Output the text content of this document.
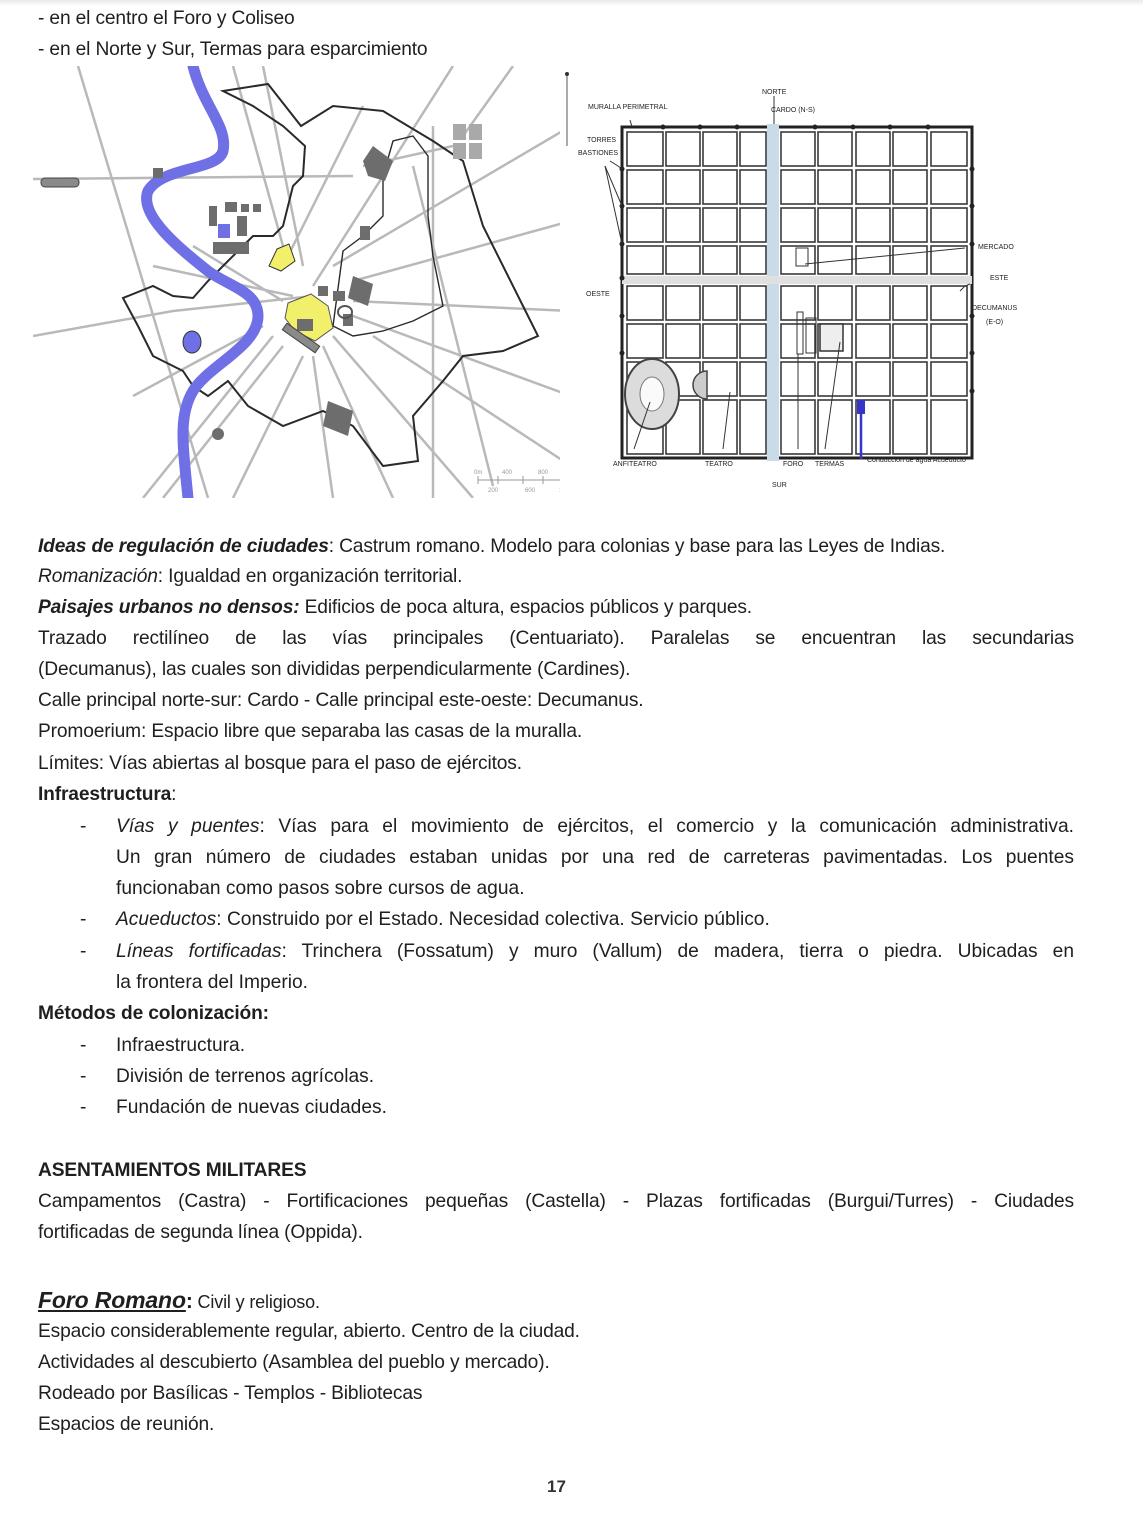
- en el centro el Foro y Coliseo
- en el Norte y Sur, Termas para esparcimiento
0m	400	800
200	600
MURALLA PERIMETRAL
NORTE
CARDO (N-S)
TORRES
BASTIONES
MERCADO
ESTE
DECUMANUS
(E-O)
OESTE
ANFITEATRO	TEATRO	FORO TERMAS
Conducción de agua Acueducto
SUR
Ideas de regulación de ciudades: Castrum romano. Modelo para colonias y base para las Leyes de Indias.
Romanización: Igualdad en organización territorial.
Paisajes urbanos no densos: Edificios de poca altura, espacios públicos y parques.
Trazado rectilíneo de las vías principales (Centuariato). Paralelas se encuentran las secundarias
(Decumanus), las cuales son divididas perpendicularmente (Cardines).
Calle principal norte-sur: Cardo - Calle principal este-oeste: Decumanus.
Promoerium: Espacio libre que separaba las casas de la muralla.
Límites: Vías abiertas al bosque para el paso de ejércitos.
Infraestructura:
- Vías y puentes: Vías para el movimiento de ejércitos, el comercio y la comunicación administrativa.
Un gran número de ciudades estaban unidas por una red de carreteras pavimentadas. Los puentes
funcionaban como pasos sobre cursos de agua.
- Acueductos: Construido por el Estado. Necesidad colectiva. Servicio público.
- Líneas fortificadas: Trinchera (Fossatum) y muro (Vallum) de madera, tierra o piedra. Ubicadas en
la frontera del Imperio.
Métodos de colonización:
- Infraestructura.
- División de terrenos agrícolas.
- Fundación de nuevas ciudades.
ASENTAMIENTOS MILITARES
Campamentos (Castra) - Fortificaciones pequeñas (Castella) - Plazas fortificadas (Burgui/Turres) - Ciudades
fortificadas de segunda línea (Oppida).
Foro Romano: Civil y religioso.
Espacio considerablemente regular, abierto. Centro de la ciudad.
Actividades al descubierto (Asamblea del pueblo y mercado).
Rodeado por Basílicas - Templos - Bibliotecas
Espacios de reunión.
17
